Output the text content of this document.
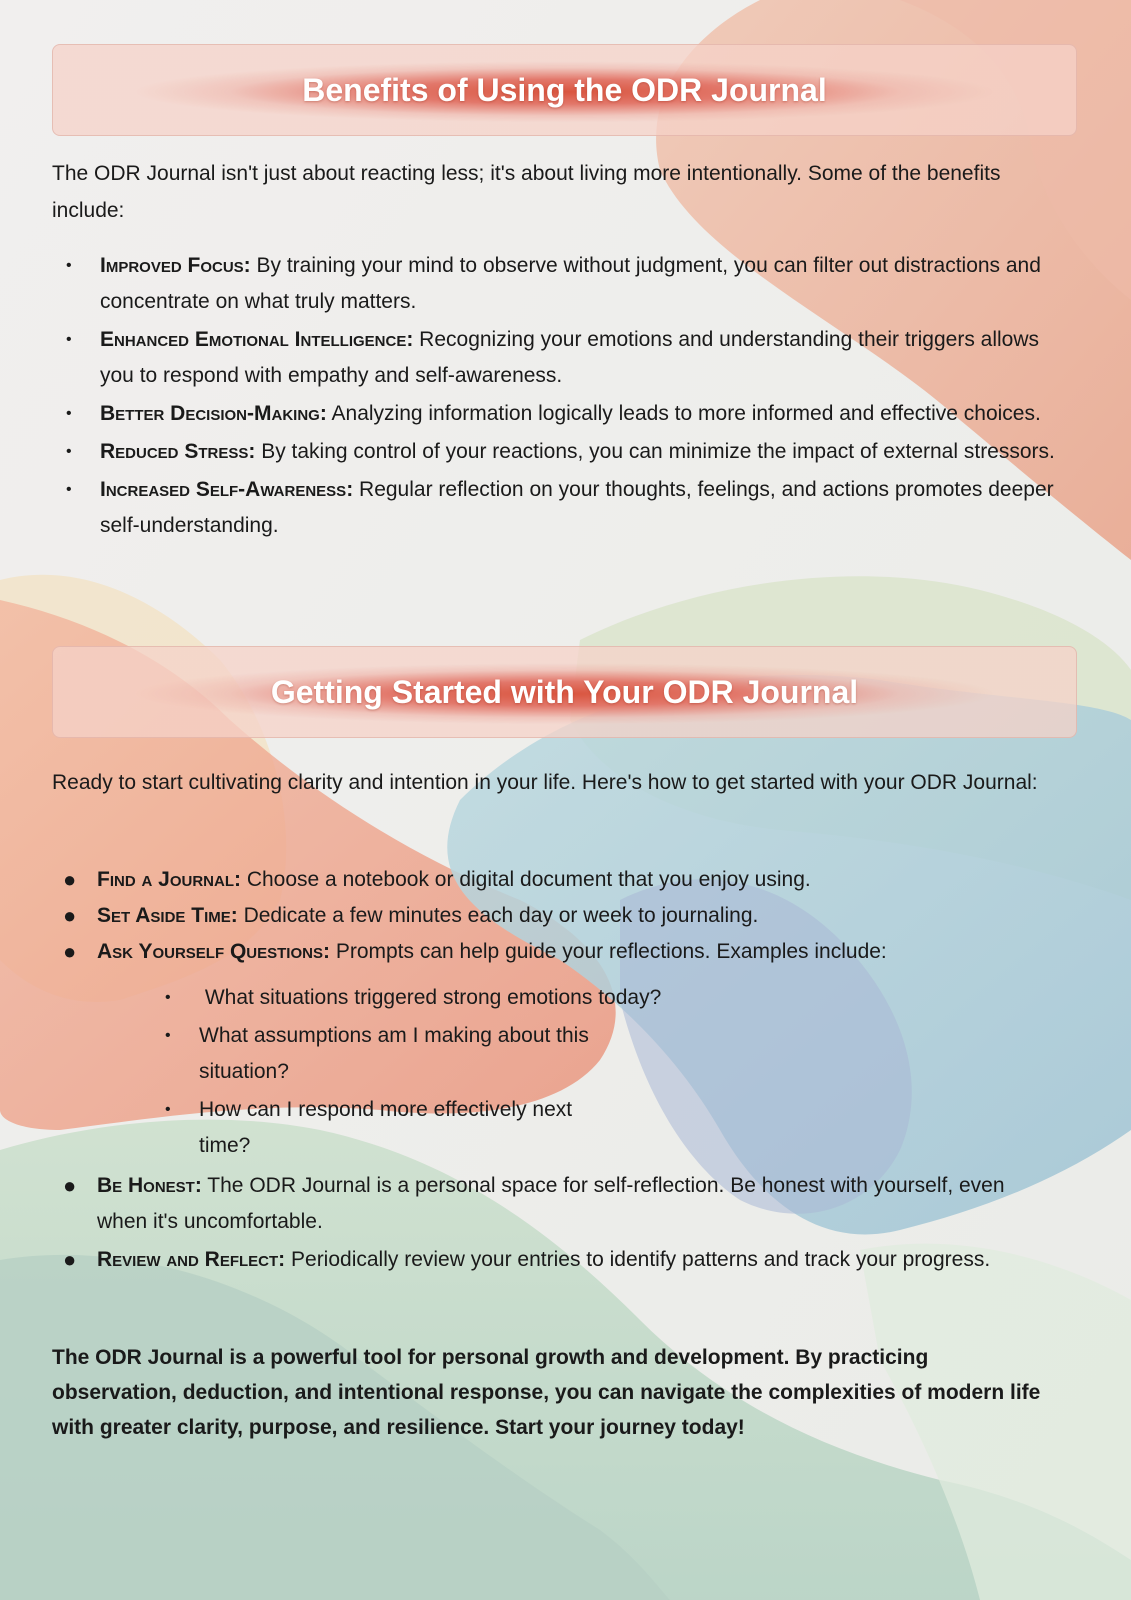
Benefits of Using the ODR Journal

The ODR Journal isn't just about reacting less; it's about living more intentionally. Some of the benefits include:

• Improved Focus: By training your mind to observe without judgment, you can filter out distractions and concentrate on what truly matters.
• Enhanced Emotional Intelligence: Recognizing your emotions and understanding their triggers allows you to respond with empathy and self-awareness.
• Better Decision-Making: Analyzing information logically leads to more informed and effective choices.
• Reduced Stress: By taking control of your reactions, you can minimize the impact of external stressors.
• Increased Self-Awareness: Regular reflection on your thoughts, feelings, and actions promotes deeper self-understanding.
Getting Started with Your ODR Journal

Ready to start cultivating clarity and intention in your life. Here's how to get started with your ODR Journal:

● Find a Journal: Choose a notebook or digital document that you enjoy using.
● Set Aside Time: Dedicate a few minutes each day or week to journaling.
● Ask Yourself Questions: Prompts can help guide your reflections. Examples include:
• What situations triggered strong emotions today?
• What assumptions am I making about this situation?
• How can I respond more effectively next time?
● Be Honest: The ODR Journal is a personal space for self-reflection. Be honest with yourself, even when it's uncomfortable.
● Review and Reflect: Periodically review your entries to identify patterns and track your progress.

The ODR Journal is a powerful tool for personal growth and development. By practicing observation, deduction, and intentional response, you can navigate the complexities of modern life with greater clarity, purpose, and resilience. Start your journey today!
